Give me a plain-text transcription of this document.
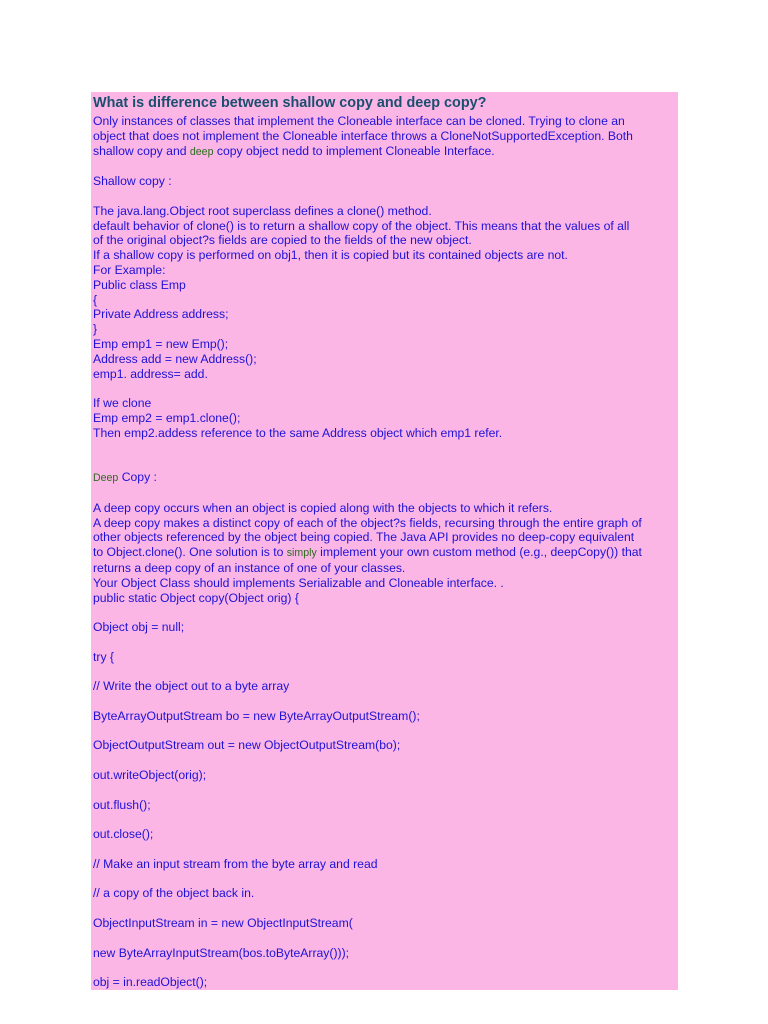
What is difference between shallow copy and deep copy?
Only instances of classes that implement the Cloneable interface can be cloned. Trying to clone an
object that does not implement the Cloneable interface throws a CloneNotSupportedException. Both
shallow copy and deep copy object nedd to implement Cloneable Interface.
Shallow copy :
The java.lang.Object root superclass defines a clone() method.
default behavior of clone() is to return a shallow copy of the object. This means that the values of all
of the original object?s fields are copied to the fields of the new object.
If a shallow copy is performed on obj1, then it is copied but its contained objects are not.
For Example:
Public class Emp
{
Private Address address;
}
Emp emp1 = new Emp();
Address add = new Address();
emp1. address= add.
If we clone
Emp emp2 = emp1.clone();
Then emp2.addess reference to the same Address object which emp1 refer.
Deep Copy :
A deep copy occurs when an object is copied along with the objects to which it refers.
A deep copy makes a distinct copy of each of the object?s fields, recursing through the entire graph of
other objects referenced by the object being copied. The Java API provides no deep-copy equivalent
to Object.clone(). One solution is to simply implement your own custom method (e.g., deepCopy()) that
returns a deep copy of an instance of one of your classes.
Your Object Class should implements Serializable and Cloneable interface. .
public static Object copy(Object orig) {
Object obj = null;
try {
// Write the object out to a byte array
ByteArrayOutputStream bo = new ByteArrayOutputStream();
ObjectOutputStream out = new ObjectOutputStream(bo);
out.writeObject(orig);
out.flush();
out.close();
// Make an input stream from the byte array and read
// a copy of the object back in.
ObjectInputStream in = new ObjectInputStream(
new ByteArrayInputStream(bos.toByteArray()));
obj = in.readObject();
